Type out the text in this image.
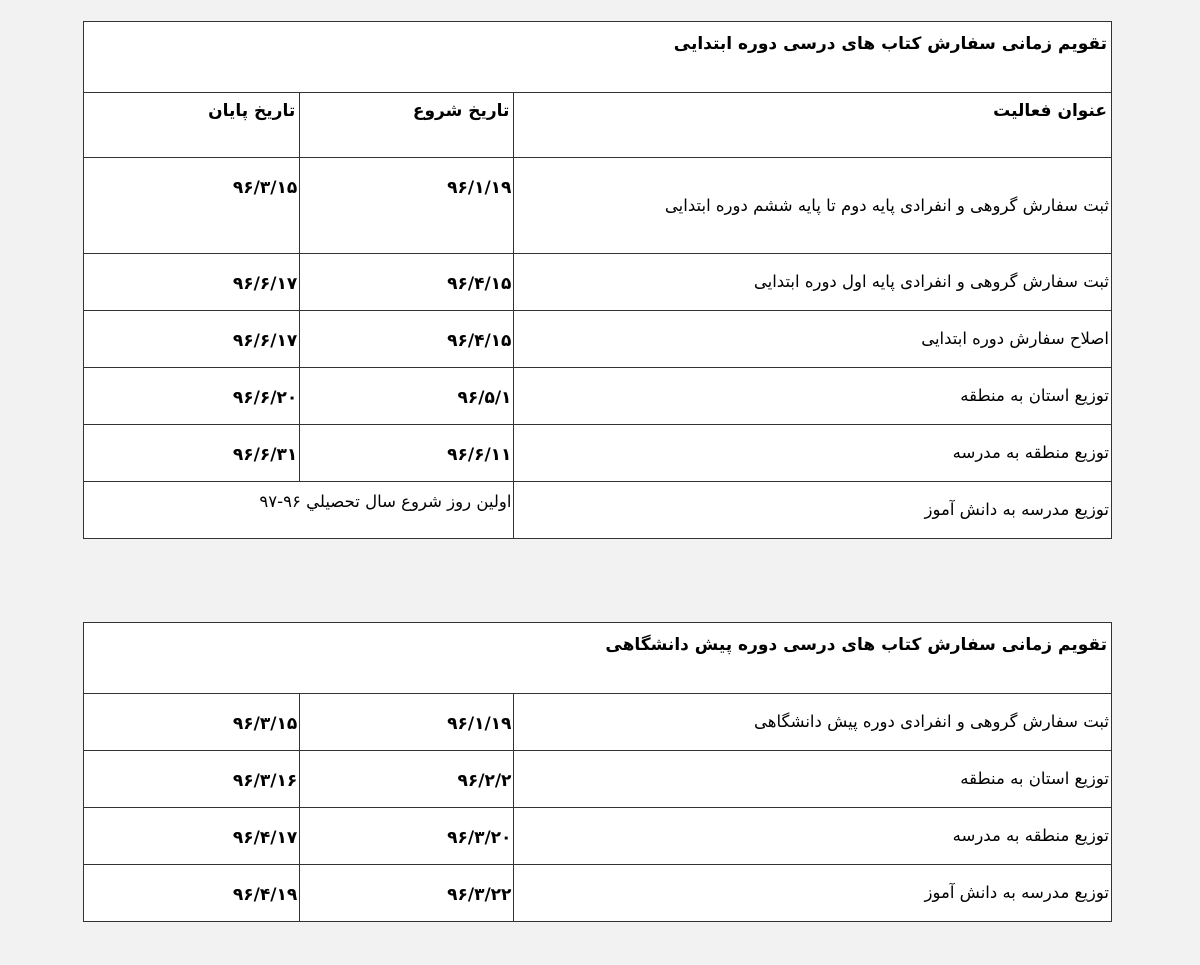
تقویم زمانی سفارش کتاب های درسی دوره ابتدایی		
عنوان فعالیت	تاریخ شروع	تاریخ پایان
ثبت سفارش گروهی و انفرادی پایه دوم تا پایه ششم دوره ابتدایی	۹۶/۱/۱۹	۹۶/۳/۱۵
ثبت سفارش گروهی و انفرادی پایه اول دوره ابتدایی	۹۶/۴/۱۵	۹۶/۶/۱۷
اصلاح سفارش دوره ابتدایی	۹۶/۴/۱۵	۹۶/۶/۱۷
توزیع استان به منطقه	۹۶/۵/۱	۹۶/۶/۲۰
توزیع منطقه به مدرسه	۹۶/۶/۱۱	۹۶/۶/۳۱
توزیع مدرسه به دانش آموز	اولین روز شروع سال تحصیلي ۹۶-۹۷	
تقویم زمانی سفارش کتاب های درسی دوره پیش دانشگاهی		
ثبت سفارش گروهی و انفرادی دوره پیش دانشگاهی	۹۶/۱/۱۹	۹۶/۳/۱۵
توزیع استان به منطقه	۹۶/۲/۲	۹۶/۳/۱۶
توزیع منطقه به مدرسه	۹۶/۳/۲۰	۹۶/۴/۱۷
توزیع مدرسه به دانش آموز	۹۶/۳/۲۲	۹۶/۴/۱۹
